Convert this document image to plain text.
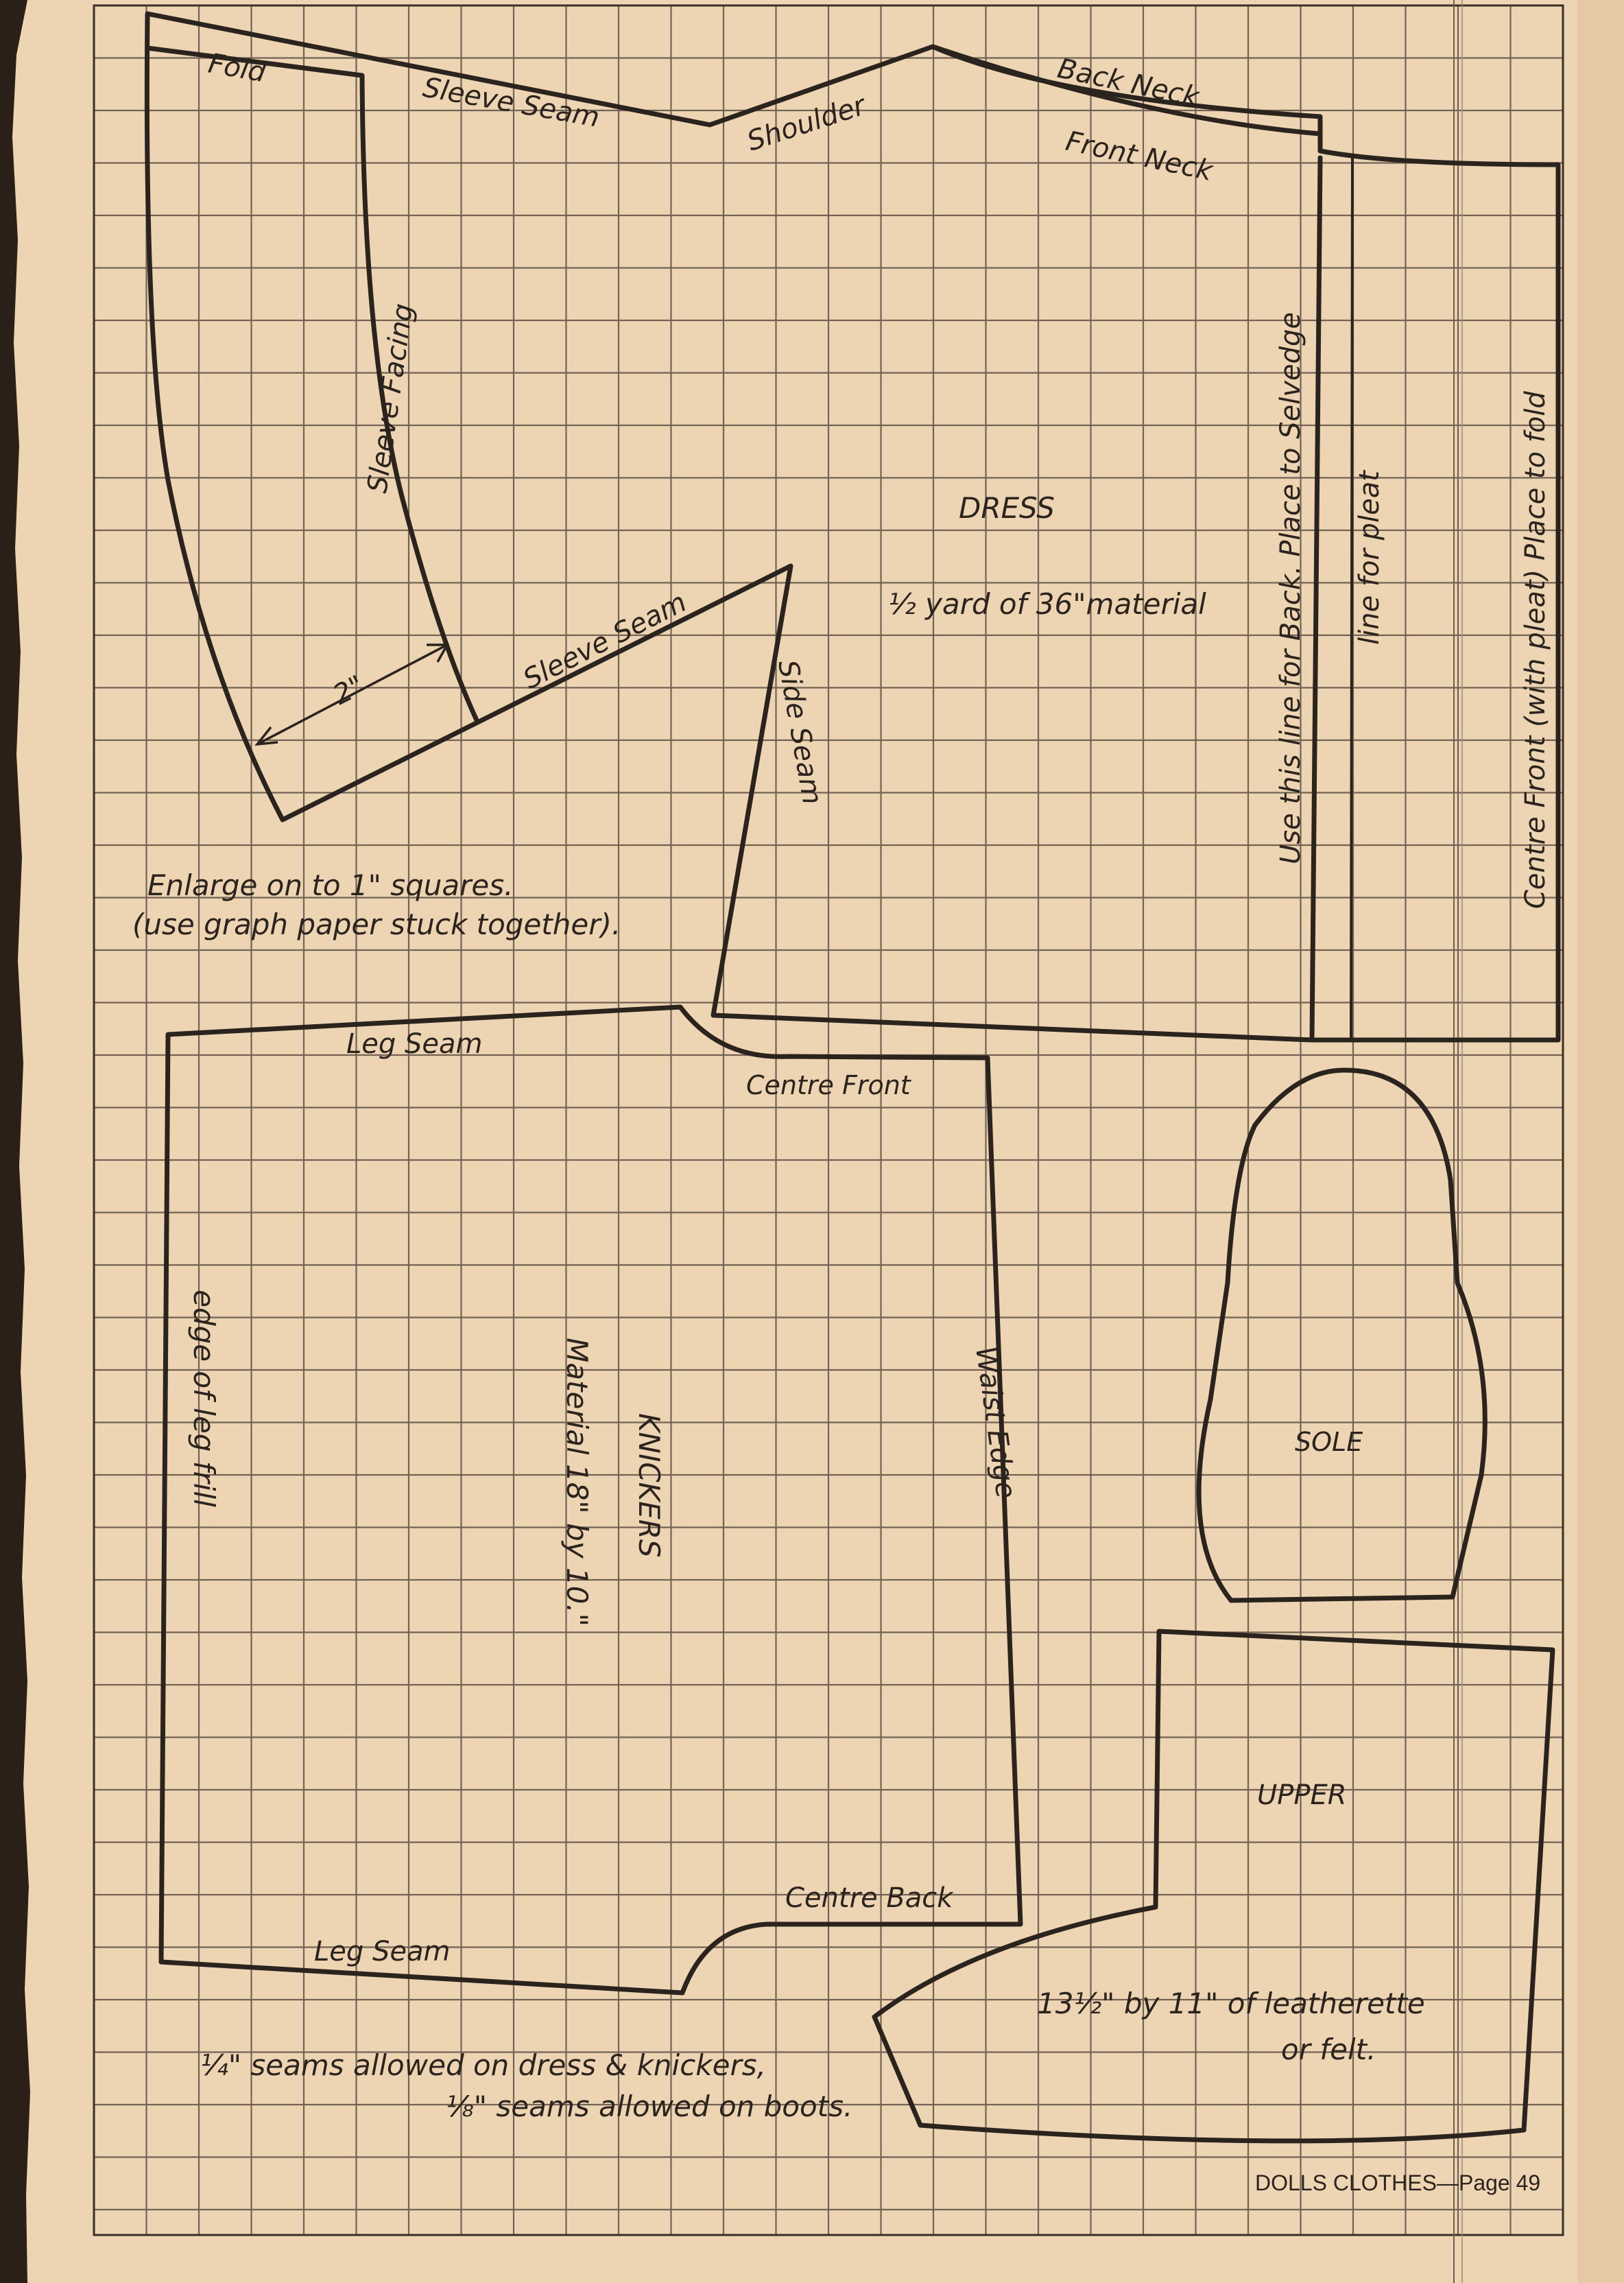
Fold
Sleeve Seam	Shoulder
Back Neck
Front Neck
Sleeve Facing
Sleeve Seam
2"	Side Seam
DRESS
½ yard of 36"material	Use this line for Back. Place to Selvedge line for pleat	Centre Front (with pleat) Place to fold
Enlarge on to 1" squares.
(use graph paper stuck together).
Leg Seam
Centre Front
edge of leg frill	Material 18" by 10." KNICKERS	Waist Edge
Centre Back
Leg Seam
SOLE
UPPER
13½" by 11" of leatherette
or felt.
¼" seams allowed on dress & knickers,
⅛" seams allowed on boots.
DOLLS CLOTHES—Page 49
